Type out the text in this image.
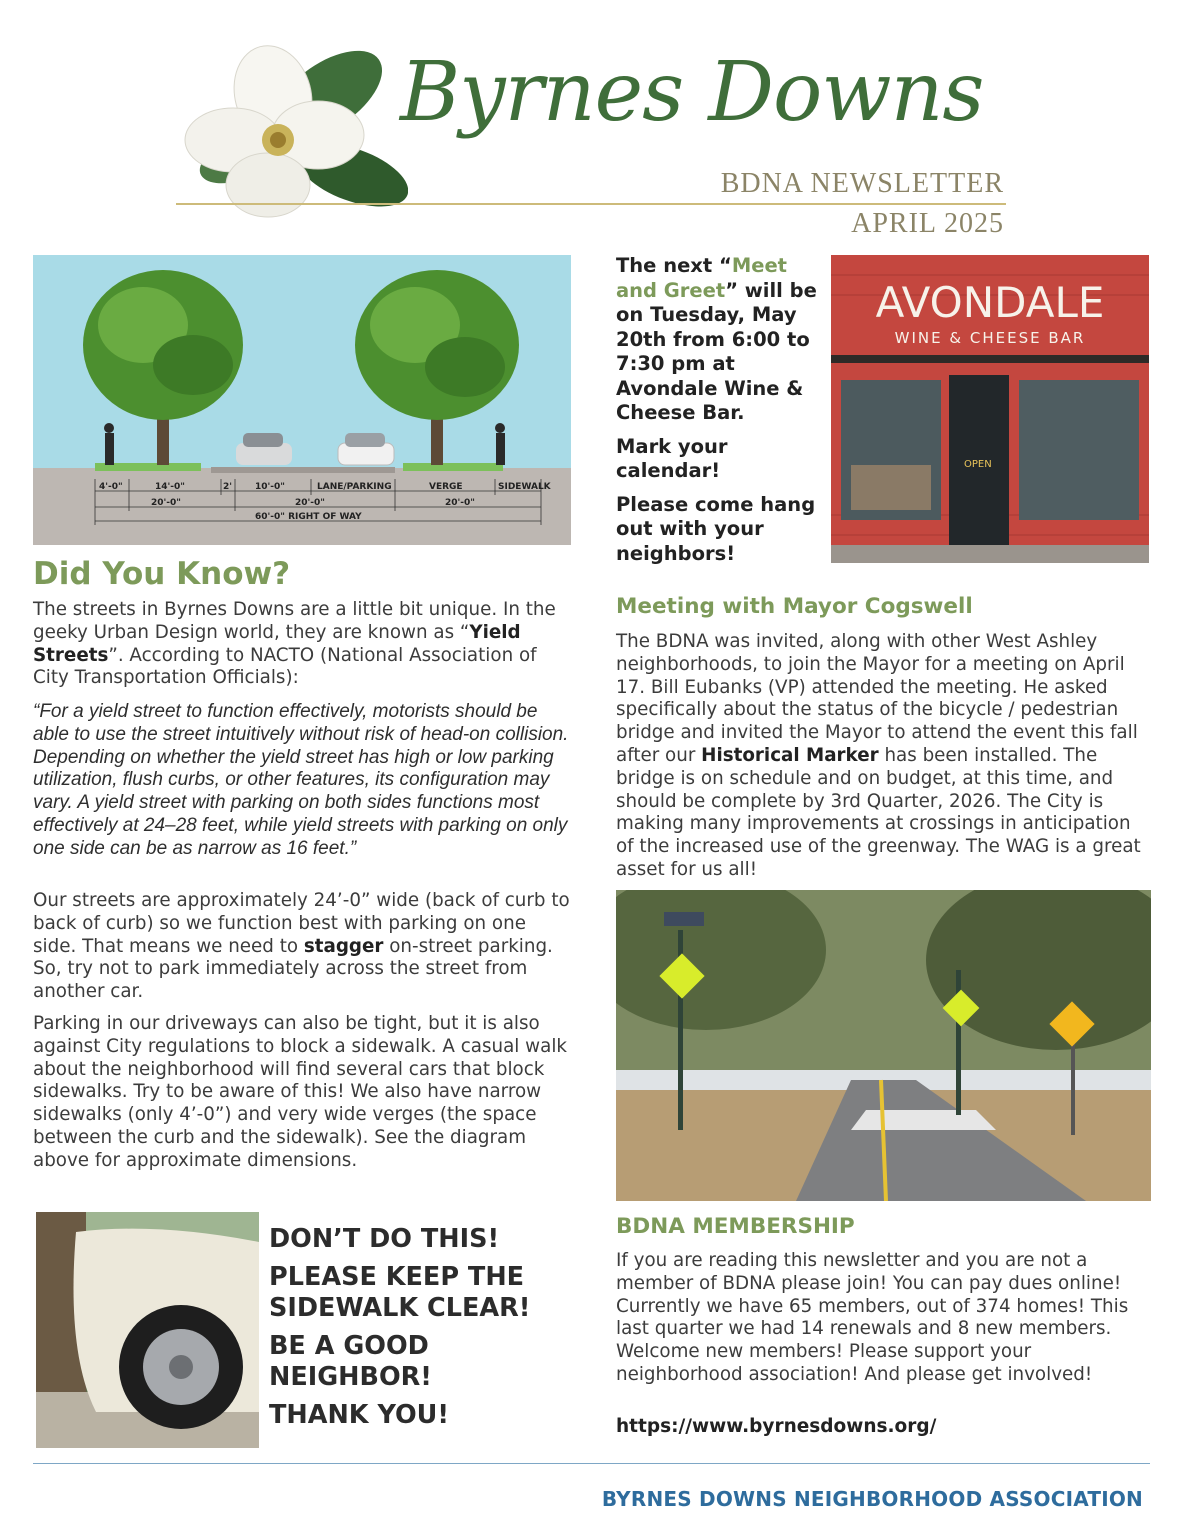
Byrnes Downs
BDNA NEWSLETTER
APRIL 2025
4'-0"	14'-0"	2'	10'-0"	LANE/PARKING	VERGE	SIDEWALK
20'-0"	20'-0"	20'-0"
60'-0" RIGHT OF WAY
Did You Know?
The streets in Byrnes Downs are a little bit unique. In the geeky Urban Design world, they are known as “Yield Streets”. According to NACTO (National Association of City Transportation Officials):
“For a yield street to function effectively, motorists should be able to use the street intuitively without risk of head-on collision. Depending on whether the yield street has high or low parking utilization, flush curbs, or other features, its configuration may vary. A yield street with parking on both sides functions most effectively at 24–28 feet, while yield streets with parking on only one side can be as narrow as 16 feet.”
Our streets are approximately 24’-0” wide (back of curb to back of curb) so we function best with parking on one side. That means we need to stagger on-street parking. So, try not to park immediately across the street from another car.
Parking in our driveways can also be tight, but it is also against City regulations to block a sidewalk. A casual walk about the neighborhood will find several cars that block sidewalks. Try to be aware of this! We also have narrow sidewalks (only 4’-0”) and very wide verges (the space between the curb and the sidewalk). See the diagram above for approximate dimensions.
DON’T DO THIS!
PLEASE KEEP THE SIDEWALK CLEAR!
BE A GOOD NEIGHBOR!
THANK YOU!

The next “Meet and Greet” will be on Tuesday, May 20th from 6:00 to 7:30 pm at Avondale Wine & Cheese Bar.

Mark your calendar!

Please come hang out with your neighbors!

AVONDALE
WINE & CHEESE BAR
OPEN
Meeting with Mayor Cogswell
The BDNA was invited, along with other West Ashley neighborhoods, to join the Mayor for a meeting on April 17. Bill Eubanks (VP) attended the meeting. He asked specifically about the status of the bicycle / pedestrian bridge and invited the Mayor to attend the event this fall after our Historical Marker has been installed. The bridge is on schedule and on budget, at this time, and should be complete by 3rd Quarter, 2026. The City is making many improvements at crossings in anticipation of the increased use of the greenway. The WAG is a great asset for us all!
BDNA MEMBERSHIP
If you are reading this newsletter and you are not a member of BDNA please join! You can pay dues online! Currently we have 65 members, out of 374 homes! This last quarter we had 14 renewals and 8 new members. Welcome new members! Please support your neighborhood association! And please get involved!
https://www.byrnesdowns.org/
BYRNES DOWNS NEIGHBORHOOD ASSOCIATION
